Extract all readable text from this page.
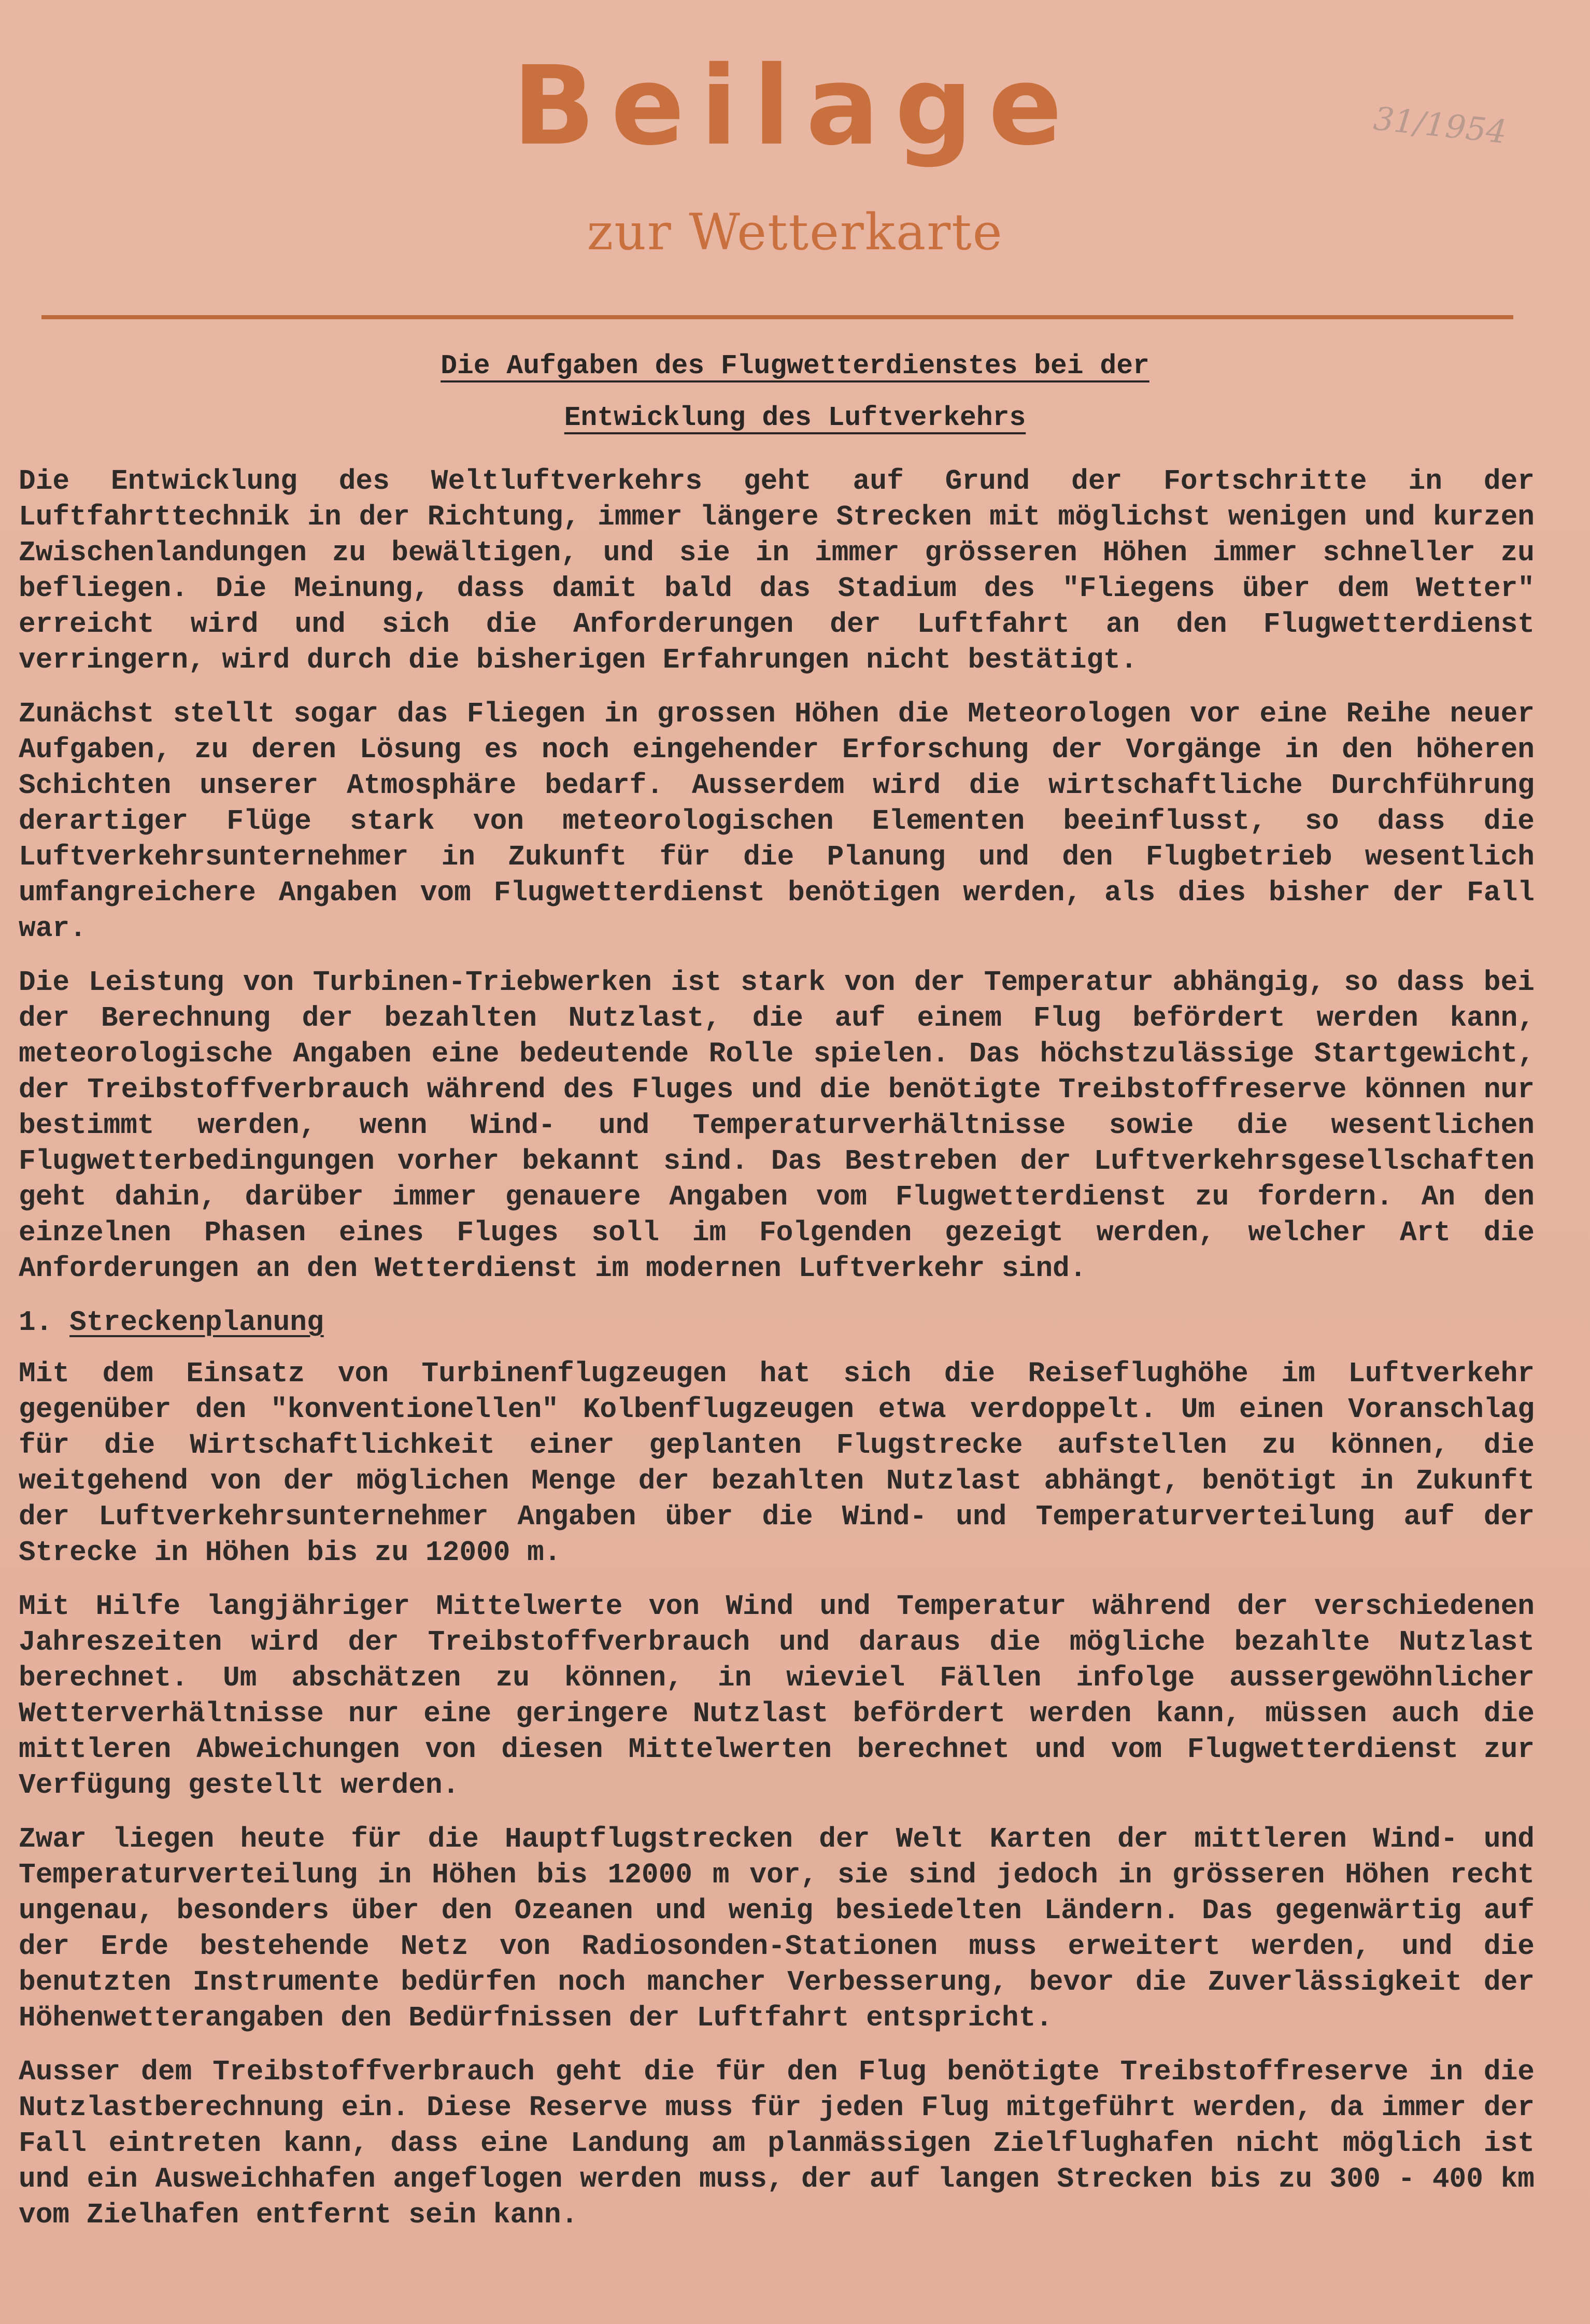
Beilage
zur Wetterkarte
31/1954
Die Aufgaben des Flugwetterdienstes bei der
Entwicklung des Luftverkehrs

Die Entwicklung des Weltluftverkehrs geht auf Grund der Fortschritte in der Luftfahrttechnik in der Richtung, immer längere Strecken mit möglichst wenigen und kurzen Zwischenlandungen zu bewältigen, und sie in immer grösseren Höhen immer schneller zu befliegen. Die Meinung, dass damit bald das Stadium des "Fliegens über dem Wetter" erreicht wird und sich die Anforderungen der Luftfahrt an den Flugwetterdienst verringern, wird durch die bisherigen Erfahrungen nicht bestätigt.

Zunächst stellt sogar das Fliegen in grossen Höhen die Meteorologen vor eine Reihe neuer Aufgaben, zu deren Lösung es noch eingehender Erforschung der Vorgänge in den höheren Schichten unserer Atmosphäre bedarf. Ausserdem wird die wirtschaftliche Durchführung derartiger Flüge stark von meteorologischen Elementen beeinflusst, so dass die Luftverkehrsunternehmer in Zukunft für die Planung und den Flugbetrieb wesentlich umfangreichere Angaben vom Flugwetterdienst benötigen werden, als dies bisher der Fall war.

Die Leistung von Turbinen-Triebwerken ist stark von der Temperatur abhängig, so dass bei der Berechnung der bezahlten Nutzlast, die auf einem Flug befördert werden kann, meteorologische Angaben eine bedeutende Rolle spielen. Das höchstzulässige Startgewicht, der Treibstoffverbrauch während des Fluges und die benötigte Treibstoffreserve können nur bestimmt werden, wenn Wind- und Temperaturverhältnisse sowie die wesentlichen Flugwetterbedingungen vorher bekannt sind. Das Bestreben der Luftverkehrsgesellschaften geht dahin, darüber immer genauere Angaben vom Flugwetterdienst zu fordern. An den einzelnen Phasen eines Fluges soll im Folgenden gezeigt werden, welcher Art die Anforderungen an den Wetterdienst im modernen Luftverkehr sind.

1. Streckenplanung

Mit dem Einsatz von Turbinenflugzeugen hat sich die Reiseflughöhe im Luftverkehr gegenüber den "konventionellen" Kolbenflugzeugen etwa verdoppelt. Um einen Voranschlag für die Wirtschaftlichkeit einer geplanten Flugstrecke aufstellen zu können, die weitgehend von der möglichen Menge der bezahlten Nutzlast abhängt, benötigt in Zukunft der Luftverkehrsunternehmer Angaben über die Wind- und Temperaturverteilung auf der Strecke in Höhen bis zu 12000 m.

Mit Hilfe langjähriger Mittelwerte von Wind und Temperatur während der verschiedenen Jahreszeiten wird der Treibstoffverbrauch und daraus die mögliche bezahlte Nutzlast berechnet. Um abschätzen zu können, in wieviel Fällen infolge aussergewöhnlicher Wetterverhältnisse nur eine geringere Nutzlast befördert werden kann, müssen auch die mittleren Abweichungen von diesen Mittelwerten berechnet und vom Flugwetterdienst zur Verfügung gestellt werden.

Zwar liegen heute für die Hauptflugstrecken der Welt Karten der mittleren Wind- und Temperaturverteilung in Höhen bis 12000 m vor, sie sind jedoch in grösseren Höhen recht ungenau, besonders über den Ozeanen und wenig besiedelten Ländern. Das gegenwärtig auf der Erde bestehende Netz von Radiosonden-Stationen muss erweitert werden, und die benutzten Instrumente bedürfen noch mancher Verbesserung, bevor die Zuverlässigkeit der Höhenwetterangaben den Bedürfnissen der Luftfahrt entspricht.

Ausser dem Treibstoffverbrauch geht die für den Flug benötigte Treibstoffreserve in die Nutzlastberechnung ein. Diese Reserve muss für jeden Flug mitgeführt werden, da immer der Fall eintreten kann, dass eine Landung am planmässigen Zielflughafen nicht möglich ist und ein Ausweichhafen angeflogen werden muss, der auf langen Strecken bis zu 300 - 400 km vom Zielhafen entfernt sein kann.
